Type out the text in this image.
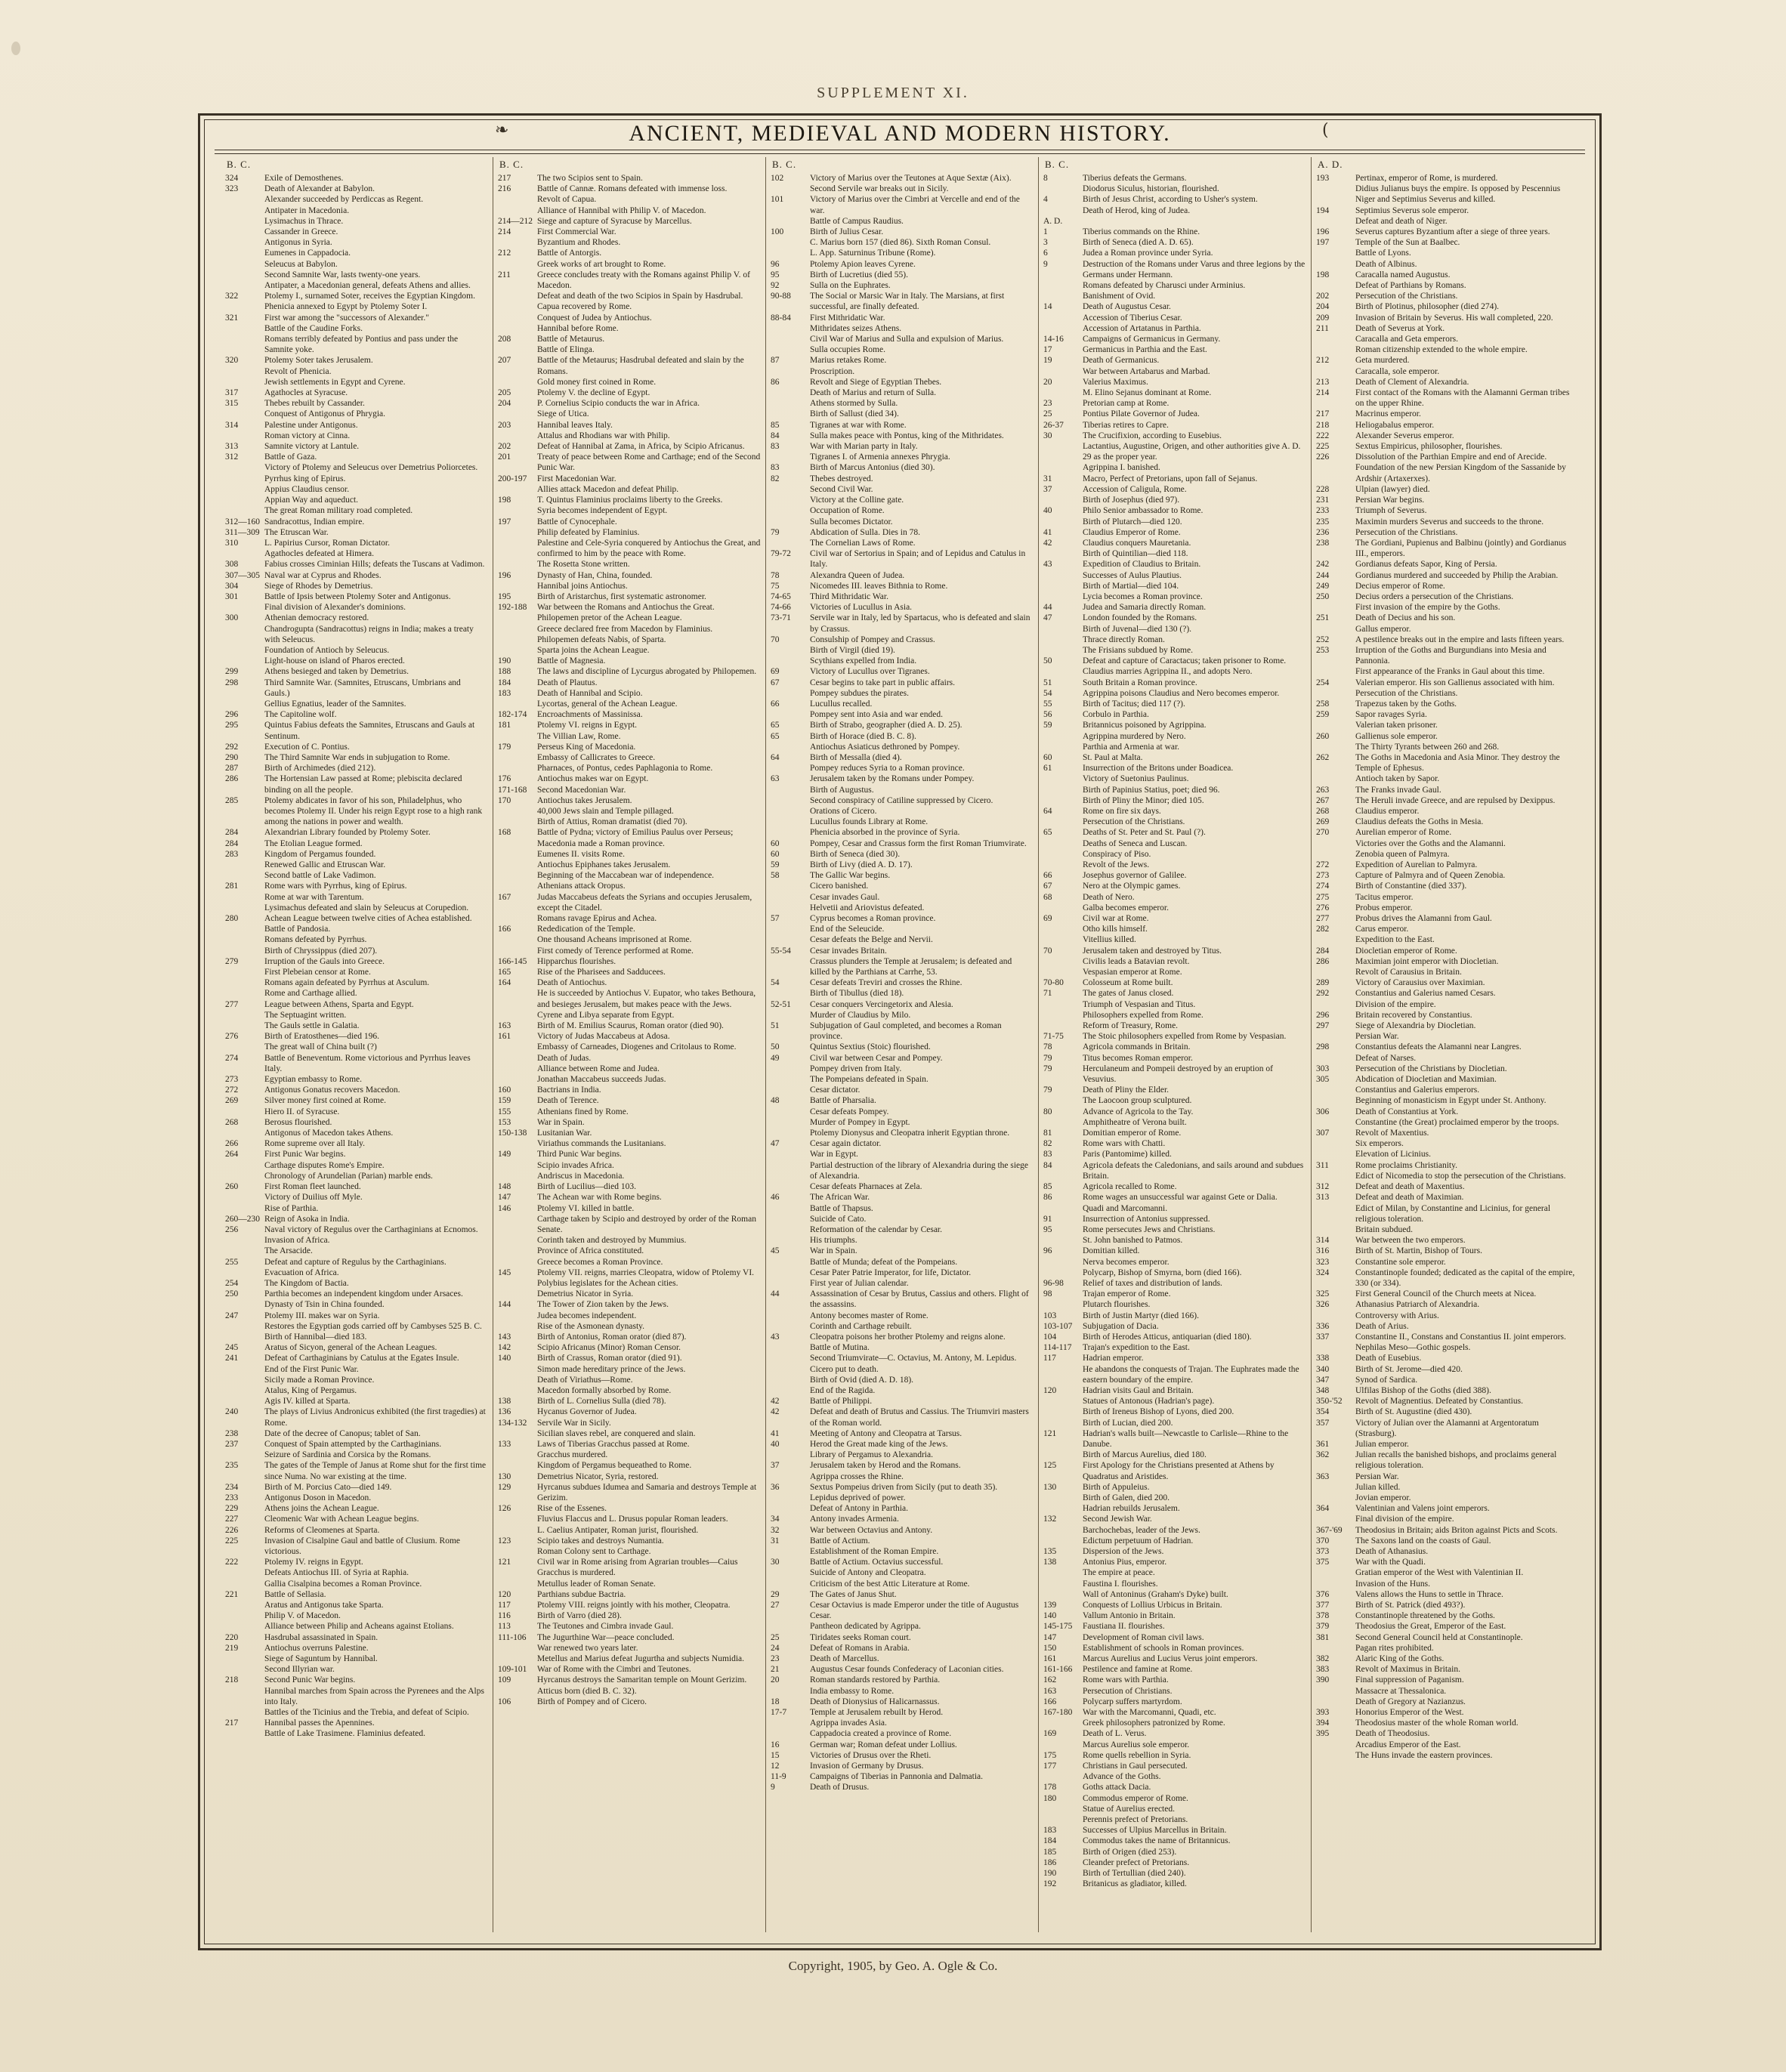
SUPPLEMENT XI.
❧	ANCIENT, MEDIEVAL AND MODERN HISTORY.	(
B. C.
324	Exile of Demosthenes.
323	Death of Alexander at Babylon.
Alexander succeeded by Perdiccas as Regent.
Antipater in Macedonia.
Lysimachus in Thrace.
Cassander in Greece.
Antigonus in Syria.
Eumenes in Cappadocia.
Seleucus at Babylon.
Second Samnite War, lasts twenty-one years.
Antipater, a Macedonian general, defeats Athens and allies.
322	Ptolemy I., surnamed Soter, receives the Egyptian Kingdom.
Phenicia annexed to Egypt by Ptolemy Soter I.
321	First war among the "successors of Alexander."
Battle of the Caudine Forks.
Romans terribly defeated by Pontius and pass under the Samnite yoke.
320	Ptolemy Soter takes Jerusalem.
Revolt of Phenicia.
Jewish settlements in Egypt and Cyrene.
317	Agathocles at Syracuse.
315	Thebes rebuilt by Cassander.
Conquest of Antigonus of Phrygia.
314	Palestine under Antigonus.
Roman victory at Cinna.
313	Samnite victory at Lantule.
312	Battle of Gaza.
Victory of Ptolemy and Seleucus over Demetrius Poliorcetes.
Pyrrhus king of Epirus.
Appius Claudius censor.
Appian Way and aqueduct.
The great Roman military road completed.
312—160 Sandracottus, Indian empire.
311—309 The Etruscan War.
310	L. Papirius Cursor, Roman Dictator.
Agathocles defeated at Himera.
308	Fabius crosses Ciminian Hills; defeats the Tuscans at Vadimon.
307—305 Naval war at Cyprus and Rhodes.
304	Siege of Rhodes by Demetrius.
301	Battle of Ipsis between Ptolemy Soter and Antigonus.
Final division of Alexander's dominions.
300	Athenian democracy restored.
Chandrogupta (Sandracottus) reigns in India; makes a treaty with Seleucus.
Foundation of Antioch by Seleucus.
Light-house on island of Pharos erected.
299	Athens besieged and taken by Demetrius.
298	Third Samnite War. (Samnites, Etruscans, Umbrians and Gauls.)
Gellius Egnatius, leader of the Samnites.
296	The Capitoline wolf.
295	Quintus Fabius defeats the Samnites, Etruscans and Gauls at Sentinum.
292	Execution of C. Pontius.
290	The Third Samnite War ends in subjugation to Rome.
287	Birth of Archimedes (died 212).
286	The Hortensian Law passed at Rome; plebiscita declared binding on all the people.
285	Ptolemy abdicates in favor of his son, Philadelphus, who becomes Ptolemy II. Under his reign Egypt rose to a high rank among the nations in power and wealth.
284	Alexandrian Library founded by Ptolemy Soter.
284	The Etolian League formed.
283	Kingdom of Pergamus founded.
Renewed Gallic and Etruscan War.
Second battle of Lake Vadimon.
281	Rome wars with Pyrrhus, king of Epirus.
Rome at war with Tarentum.
Lysimachus defeated and slain by Seleucus at Corupedion.
280	Achean League between twelve cities of Achea established.
Battle of Pandosia.
Romans defeated by Pyrrhus.
Birth of Chryssippus (died 207).
279	Irruption of the Gauls into Greece.
First Plebeian censor at Rome.
Romans again defeated by Pyrrhus at Asculum.
Rome and Carthage allied.
277	League between Athens, Sparta and Egypt.
The Septuagint written.
The Gauls settle in Galatia.
276	Birth of Eratosthenes—died 196.
The great wall of China built (?)
274	Battle of Beneventum. Rome victorious and Pyrrhus leaves Italy.
273	Egyptian embassy to Rome.
272	Antigonus Gonatus recovers Macedon.
269	Silver money first coined at Rome.
Hiero II. of Syracuse.
268	Berosus flourished.
Antigonus of Macedon takes Athens.
266	Rome supreme over all Italy.
264	First Punic War begins.
Carthage disputes Rome's Empire.
Chronology of Arundelian (Parian) marble ends.
260	First Roman fleet launched.
Victory of Duilius off Myle.
Rise of Parthia.
260—230 Reign of Asoka in India.
256	Naval victory of Regulus over the Carthaginians at Ecnomos.
Invasion of Africa.
The Arsacide.
255	Defeat and capture of Regulus by the Carthaginians.
Evacuation of Africa.
254	The Kingdom of Bactia.
250	Parthia becomes an independent kingdom under Arsaces.
Dynasty of Tsin in China founded.
247	Ptolemy III. makes war on Syria.
Restores the Egyptian gods carried off by Cambyses 525 B. C.
Birth of Hannibal—died 183.
245	Aratus of Sicyon, general of the Achean Leagues.
241	Defeat of Carthaginians by Catulus at the Egates Insule.
End of the First Punic War.
Sicily made a Roman Province.
Atalus, King of Pergamus.
Agis IV. killed at Sparta.
240	The plays of Livius Andronicus exhibited (the first tragedies) at Rome.
238	Date of the decree of Canopus; tablet of San.
237	Conquest of Spain attempted by the Carthaginians.
Seizure of Sardinia and Corsica by the Romans.
235	The gates of the Temple of Janus at Rome shut for the first time since Numa. No war existing at the time.
234	Birth of M. Porcius Cato—died 149.
233	Antigonus Doson in Macedon.
229	Athens joins the Achean League.
227	Cleomenic War with Achean League begins.
226	Reforms of Cleomenes at Sparta.
225	Invasion of Cisalpine Gaul and battle of Clusium. Rome victorious.
222	Ptolemy IV. reigns in Egypt.
Defeats Antiochus III. of Syria at Raphia.
Gallia Cisalpina becomes a Roman Province.
221	Battle of Sellasia.
Aratus and Antigonus take Sparta.
Philip V. of Macedon.
Alliance between Philip and Acheans against Etolians.
220	Hasdrubal assassinated in Spain.
219	Antiochus overruns Palestine.
Siege of Saguntum by Hannibal.
Second Illyrian war.
218	Second Punic War begins.
Hannibal marches from Spain across the Pyrenees and the Alps into Italy.
Battles of the Ticinius and the Trebia, and defeat of Scipio.
217	Hannibal passes the Apennines.
Battle of Lake Trasimene. Flaminius defeated.
B. C.
217	The two Scipios sent to Spain.
216	Battle of Cannæ. Romans defeated with immense loss.
Revolt of Capua.
Alliance of Hannibal with Philip V. of Macedon.
214—212 Siege and capture of Syracuse by Marcellus.
214	First Commercial War.
Byzantium and Rhodes.
212	Battle of Antorgis.
Greek works of art brought to Rome.
211	Greece concludes treaty with the Romans against Philip V. of Macedon.
Defeat and death of the two Scipios in Spain by Hasdrubal.
Capua recovered by Rome.
Conquest of Judea by Antiochus.
Hannibal before Rome.
208	Battle of Metaurus.
Battle of Elinga.
207	Battle of the Metaurus; Hasdrubal defeated and slain by the Romans.
Gold money first coined in Rome.
205	Ptolemy V. the decline of Egypt.
204	P. Cornelius Scipio conducts the war in Africa.
Siege of Utica.
203	Hannibal leaves Italy.
Attalus and Rhodians war with Philip.
202	Defeat of Hannibal at Zama, in Africa, by Scipio Africanus.
201	Treaty of peace between Rome and Carthage; end of the Second Punic War.
200-197	First Macedonian War.
Allies attack Macedon and defeat Philip.
198	T. Quintus Flaminius proclaims liberty to the Greeks.
Syria becomes independent of Egypt.
197	Battle of Cynocephale.
Philip defeated by Flaminius.
Palestine and Cele-Syria conquered by Antiochus the Great, and confirmed to him by the peace with Rome.
The Rosetta Stone written.
196	Dynasty of Han, China, founded.
Hannibal joins Antiochus.
195	Birth of Aristarchus, first systematic astronomer.
192-188	War between the Romans and Antiochus the Great.
Philopemen pretor of the Achean League.
Greece declared free from Macedon by Flaminius.
Philopemen defeats Nabis, of Sparta.
Sparta joins the Achean League.
190	Battle of Magnesia.
188	The laws and discipline of Lycurgus abrogated by Philopemen.
184	Death of Plautus.
183	Death of Hannibal and Scipio.
Lycortas, general of the Achean League.
182-174	Encroachments of Massinissa.
181	Ptolemy VI. reigns in Egypt.
The Villian Law, Rome.
179	Perseus King of Macedonia.
Embassy of Callicrates to Greece.
Pharnaces, of Pontus, cedes Paphlagonia to Rome.
176	Antiochus makes war on Egypt.
171-168	Second Macedonian War.
170	Antiochus takes Jerusalem.
40,000 Jews slain and Temple pillaged.
Birth of Attius, Roman dramatist (died 70).
168	Battle of Pydna; victory of Emilius Paulus over Perseus; Macedonia made a Roman province.
Eumenes II. visits Rome.
Antiochus Epiphanes takes Jerusalem.
Beginning of the Maccabean war of independence.
Athenians attack Oropus.
167	Judas Maccabeus defeats the Syrians and occupies Jerusalem, except the Citadel.
Romans ravage Epirus and Achea.
166	Rededication of the Temple.
One thousand Acheans imprisoned at Rome.
First comedy of Terence performed at Rome.
166-145	Hipparchus flourishes.
165	Rise of the Pharisees and Sadducees.
164	Death of Antiochus.
He is succeeded by Antiochus V. Eupator, who takes Bethoura, and besieges Jerusalem, but makes peace with the Jews.
Cyrene and Libya separate from Egypt.
163	Birth of M. Emilius Scaurus, Roman orator (died 90).
161	Victory of Judas Maccabeus at Adosa.
Embassy of Carneades, Diogenes and Critolaus to Rome.
Death of Judas.
Alliance between Rome and Judea.
Jonathan Maccabeus succeeds Judas.
160	Bactrians in India.
159	Death of Terence.
155	Athenians fined by Rome.
153	War in Spain.
150-138	Lusitanian War.
Viriathus commands the Lusitanians.
149	Third Punic War begins.
Scipio invades Africa.
Andriscus in Macedonia.
148	Birth of Lucilius—died 103.
147	The Achean war with Rome begins.
146	Ptolemy VI. killed in battle.
Carthage taken by Scipio and destroyed by order of the Roman Senate.
Corinth taken and destroyed by Mummius.
Province of Africa constituted.
Greece becomes a Roman Province.
145	Ptolemy VII. reigns, marries Cleopatra, widow of Ptolemy VI.
Polybius legislates for the Achean cities.
Demetrius Nicator in Syria.
144	The Tower of Zion taken by the Jews.
Judea becomes independent.
Rise of the Asmonean dynasty.
143	Birth of Antonius, Roman orator (died 87).
142	Scipio Africanus (Minor) Roman Censor.
140	Birth of Crassus, Roman orator (died 91).
Simon made hereditary prince of the Jews.
Death of Viriathus—Rome.
Macedon formally absorbed by Rome.
138	Birth of L. Cornelius Sulla (died 78).
136	Hycanus Governor of Judea.
134-132	Servile War in Sicily.
Sicilian slaves rebel, are conquered and slain.
133	Laws of Tiberias Gracchus passed at Rome.
Gracchus murdered.
Kingdom of Pergamus bequeathed to Rome.
130	Demetrius Nicator, Syria, restored.
129	Hyrcanus subdues Idumea and Samaria and destroys Temple at Gerizim.
126	Rise of the Essenes.
Fluvius Flaccus and L. Drusus popular Roman leaders.
L. Caelius Antipater, Roman jurist, flourished.
123	Scipio takes and destroys Numantia.
Roman Colony sent to Carthage.
121	Civil war in Rome arising from Agrarian troubles—Caius Gracchus is murdered.
Metullus leader of Roman Senate.
120	Parthians subdue Bactria.
117	Ptolemy VIII. reigns jointly with his mother, Cleopatra.
116	Birth of Varro (died 28).
113	The Teutones and Cimbra invade Gaul.
111-106	The Jugurthine War—peace concluded.
War renewed two years later.
Metellus and Marius defeat Jugurtha and subjects Numidia.
109-101	War of Rome with the Cimbri and Teutones.
109	Hyrcanus destroys the Samaritan temple on Mount Gerizim.
Atticus born (died B. C. 32).
106	Birth of Pompey and of Cicero.
B. C.
102	Victory of Marius over the Teutones at Aque Sextæ (Aix).
Second Servile war breaks out in Sicily.
101	Victory of Marius over the Cimbri at Vercelle and end of the war.
Battle of Campus Raudius.
100	Birth of Julius Cesar.
C. Marius born 157 (died 86). Sixth Roman Consul.
L. App. Saturninus Tribune (Rome).
96	Ptolemy Apion leaves Cyrene.
95	Birth of Lucretius (died 55).
92	Sulla on the Euphrates.
90-88	The Social or Marsic War in Italy. The Marsians, at first successful, are finally defeated.
88-84	First Mithridatic War.
Mithridates seizes Athens.
Civil War of Marius and Sulla and expulsion of Marius.
Sulla occupies Rome.
87	Marius retakes Rome.
Proscription.
86	Revolt and Siege of Egyptian Thebes.
Death of Marius and return of Sulla.
Athens stormed by Sulla.
Birth of Sallust (died 34).
85	Tigranes at war with Rome.
84	Sulla makes peace with Pontus, king of the Mithridates.
83	War with Marian party in Italy.
Tigranes I. of Armenia annexes Phrygia.
83	Birth of Marcus Antonius (died 30).
82	Thebes destroyed.
Second Civil War.
Victory at the Colline gate.
Occupation of Rome.
Sulla becomes Dictator.
79	Abdication of Sulla. Dies in 78.
The Cornelian Laws of Rome.
79-72	Civil war of Sertorius in Spain; and of Lepidus and Catulus in Italy.
78	Alexandra Queen of Judea.
75	Nicomedes III. leaves Bithnia to Rome.
74-65	Third Mithridatic War.
74-66	Victories of Lucullus in Asia.
73-71	Servile war in Italy, led by Spartacus, who is defeated and slain by Crassus.
70	Consulship of Pompey and Crassus.
Birth of Virgil (died 19).
Scythians expelled from India.
69	Victory of Lucullus over Tigranes.
67	Cesar begins to take part in public affairs.
Pompey subdues the pirates.
66	Lucullus recalled.
Pompey sent into Asia and war ended.
65	Birth of Strabo, geographer (died A. D. 25).
65	Birth of Horace (died B. C. 8).
Antiochus Asiaticus dethroned by Pompey.
64	Birth of Messalla (died 4).
Pompey reduces Syria to a Roman province.
63	Jerusalem taken by the Romans under Pompey.
Birth of Augustus.
Second conspiracy of Catiline suppressed by Cicero.
Orations of Cicero.
Lucullus founds Library at Rome.
Phenicia absorbed in the province of Syria.
60	Pompey, Cesar and Crassus form the first Roman Triumvirate.
60	Birth of Seneca (died 30).
59	Birth of Livy (died A. D. 17).
58	The Gallic War begins.
Cicero banished.
Cesar invades Gaul.
Helvetii and Ariovistus defeated.
57	Cyprus becomes a Roman province.
End of the Seleucide.
Cesar defeats the Belge and Nervii.
55-54	Cesar invades Britain.
Crassus plunders the Temple at Jerusalem; is defeated and killed by the Parthians at Carrhe, 53.
54	Cesar defeats Treviri and crosses the Rhine.
Birth of Tibullus (died 18).
52-51	Cesar conquers Vercingetorix and Alesia.
Murder of Claudius by Milo.
51	Subjugation of Gaul completed, and becomes a Roman province.
50	Quintus Sextius (Stoic) flourished.
49	Civil war between Cesar and Pompey.
Pompey driven from Italy.
The Pompeians defeated in Spain.
Cesar dictator.
48	Battle of Pharsalia.
Cesar defeats Pompey.
Murder of Pompey in Egypt.
Ptolemy Dionysus and Cleopatra inherit Egyptian throne.
47	Cesar again dictator.
War in Egypt.
Partial destruction of the library of Alexandria during the siege of Alexandria.
Cesar defeats Pharnaces at Zela.
46	The African War.
Battle of Thapsus.
Suicide of Cato.
Reformation of the calendar by Cesar.
His triumphs.
45	War in Spain.
Battle of Munda; defeat of the Pompeians.
Cesar Pater Patrie Imperator, for life, Dictator.
First year of Julian calendar.
44	Assassination of Cesar by Brutus, Cassius and others. Flight of the assassins.
Antony becomes master of Rome.
Corinth and Carthage rebuilt.
43	Cleopatra poisons her brother Ptolemy and reigns alone.
Battle of Mutina.
Second Triumvirate—C. Octavius, M. Antony, M. Lepidus.
Cicero put to death.
Birth of Ovid (died A. D. 18).
End of the Ragida.
42	Battle of Philippi.
42	Defeat and death of Brutus and Cassius. The Triumviri masters of the Roman world.
41	Meeting of Antony and Cleopatra at Tarsus.
40	Herod the Great made king of the Jews.
Library of Pergamus to Alexandria.
37	Jerusalem taken by Herod and the Romans.
Agrippa crosses the Rhine.
36	Sextus Pompeius driven from Sicily (put to death 35).
Lepidus deprived of power.
Defeat of Antony in Parthia.
34	Antony invades Armenia.
32	War between Octavius and Antony.
31	Battle of Actium.
Establishment of the Roman Empire.
30	Battle of Actium. Octavius successful.
Suicide of Antony and Cleopatra.
Criticism of the best Attic Literature at Rome.
29	The Gates of Janus Shut.
27	Cesar Octavius is made Emperor under the title of Augustus Cesar.
Pantheon dedicated by Agrippa.
25	Tiridates seeks Roman court.
24	Defeat of Romans in Arabia.
23	Death of Marcellus.
21	Augustus Cesar founds Confederacy of Laconian cities.
20	Roman standards restored by Parthia.
India embassy to Rome.
18	Death of Dionysius of Halicarnassus.
17-7	Temple at Jerusalem rebuilt by Herod.
Agrippa invades Asia.
Cappadocia created a province of Rome.
16	German war; Roman defeat under Lollius.
15	Victories of Drusus over the Rheti.
12	Invasion of Germany by Drusus.
11-9	Campaigns of Tiberias in Pannonia and Dalmatia.
9	Death of Drusus.
B. C.
8	Tiberius defeats the Germans.
Diodorus Siculus, historian, flourished.
4	Birth of Jesus Christ, according to Usher's system.
Death of Herod, king of Judea.
A. D.
1	Tiberius commands on the Rhine.
3	Birth of Seneca (died A. D. 65).
6	Judea a Roman province under Syria.
9	Destruction of the Romans under Varus and three legions by the Germans under Hermann.
Romans defeated by Charusci under Arminius.
Banishment of Ovid.
14	Death of Augustus Cesar.
Accession of Tiberius Cesar.
Accession of Artatanus in Parthia.
14-16	Campaigns of Germanicus in Germany.
17	Germanicus in Parthia and the East.
19	Death of Germanicus.
War between Artabarus and Marbad.
20	Valerius Maximus.
M. Elino Sejanus dominant at Rome.
23	Pretorian camp at Rome.
25	Pontius Pilate Governor of Judea.
26-37	Tiberias retires to Capre.
30	The Crucifixion, according to Eusebius.
Lactantius, Augustine, Origen, and other authorities give A. D. 29 as the proper year.
Agrippina I. banished.
31	Macro, Perfect of Pretorians, upon fall of Sejanus.
37	Accession of Caligula, Rome.
Birth of Josephus (died 97).
40	Philo Senior ambassador to Rome.
Birth of Plutarch—died 120.
41	Claudius Emperor of Rome.
42	Claudius conquers Mauretania.
Birth of Quintilian—died 118.
43	Expedition of Claudius to Britain.
Successes of Aulus Plautius.
Birth of Martial—died 104.
Lycia becomes a Roman province.
44	Judea and Samaria directly Roman.
47	London founded by the Romans.
Birth of Juvenal—died 130 (?).
Thrace directly Roman.
The Frisians subdued by Rome.
50	Defeat and capture of Caractacus; taken prisoner to Rome.
Claudius marries Agrippina II., and adopts Nero.
51	South Britain a Roman province.
54	Agrippina poisons Claudius and Nero becomes emperor.
55	Birth of Tacitus; died 117 (?).
56	Corbulo in Parthia.
59	Britannicus poisoned by Agrippina.
Agrippina murdered by Nero.
Parthia and Armenia at war.
60	St. Paul at Malta.
61	Insurrection of the Britons under Boadicea.
Victory of Suetonius Paulinus.
Birth of Papinius Statius, poet; died 96.
Birth of Pliny the Minor; died 105.
64	Rome on fire six days.
Persecution of the Christians.
65	Deaths of St. Peter and St. Paul (?).
Deaths of Seneca and Luscan.
Conspiracy of Piso.
Revolt of the Jews.
66	Josephus governor of Galilee.
67	Nero at the Olympic games.
68	Death of Nero.
Galba becomes emperor.
69	Civil war at Rome.
Otho kills himself.
Vitellius killed.
70	Jerusalem taken and destroyed by Titus.
Civilis leads a Batavian revolt.
Vespasian emperor at Rome.
70-80	Colosseum at Rome built.
71	The gates of Janus closed.
Triumph of Vespasian and Titus.
Philosophers expelled from Rome.
Reform of Treasury, Rome.
71-75	The Stoic philosophers expelled from Rome by Vespasian.
78	Agricola commands in Britain.
79	Titus becomes Roman emperor.
79	Herculaneum and Pompeii destroyed by an eruption of Vesuvius.
79	Death of Pliny the Elder.
The Laocoon group sculptured.
80	Advance of Agricola to the Tay.
Amphitheatre of Verona built.
81	Domitian emperor of Rome.
82	Rome wars with Chatti.
83	Paris (Pantomime) killed.
84	Agricola defeats the Caledonians, and sails around and subdues Britain.
85	Agricola recalled to Rome.
86	Rome wages an unsuccessful war against Gete or Dalia.
Quadi and Marcomanni.
91	Insurrection of Antonius suppressed.
95	Rome persecutes Jews and Christians.
St. John banished to Patmos.
96	Domitian killed.
Nerva becomes emperor.
Polycarp, Bishop of Smyrna, born (died 166).
96-98	Relief of taxes and distribution of lands.
98	Trajan emperor of Rome.
Plutarch flourishes.
103	Birth of Justin Martyr (died 166).
103-107	Subjugation of Dacia.
104	Birth of Herodes Atticus, antiquarian (died 180).
114-117	Trajan's expedition to the East.
117	Hadrian emperor.
He abandons the conquests of Trajan. The Euphrates made the eastern boundary of the empire.
120	Hadrian visits Gaul and Britain.
Statues of Antonous (Hadrian's page).
Birth of Ireneus Bishop of Lyons, died 200.
Birth of Lucian, died 200.
121	Hadrian's walls built—Newcastle to Carlisle—Rhine to the Danube.
Birth of Marcus Aurelius, died 180.
125	First Apology for the Christians presented at Athens by Quadratus and Aristides.
130	Birth of Appuleius.
Birth of Galen, died 200.
Hadrian rebuilds Jerusalem.
132	Second Jewish War.
Barchochebas, leader of the Jews.
Edictum perpetuum of Hadrian.
135	Dispersion of the Jews.
138	Antonius Pius, emperor.
The empire at peace.
Faustina I. flourishes.
Wall of Antoninus (Graham's Dyke) built.
139	Conquests of Lollius Urbicus in Britain.
140	Vallum Antonio in Britain.
145-175	Faustiana II. flourishes.
147	Development of Roman civil laws.
150	Establishment of schools in Roman provinces.
161	Marcus Aurelius and Lucius Verus joint emperors.
161-166	Pestilence and famine at Rome.
162	Rome wars with Parthia.
163	Persecution of Christians.
166	Polycarp suffers martyrdom.
167-180	War with the Marcomanni, Quadi, etc.
Greek philosophers patronized by Rome.
169	Death of L. Verus.
Marcus Aurelius sole emperor.
175	Rome quells rebellion in Syria.
177	Christians in Gaul persecuted.
Advance of the Goths.
178	Goths attack Dacia.
180	Commodus emperor of Rome.
Statue of Aurelius erected.
Perennis prefect of Pretorians.
183	Successes of Ulpius Marcellus in Britain.
184	Commodus takes the name of Britannicus.
185	Birth of Origen (died 253).
186	Cleander prefect of Pretorians.
190	Birth of Tertullian (died 240).
192	Britanicus as gladiator, killed.
A. D.
193	Pertinax, emperor of Rome, is murdered.
Didius Julianus buys the empire. Is opposed by Pescennius Niger and Septimius Severus and killed.
194	Septimius Severus sole emperor.
Defeat and death of Niger.
196	Severus captures Byzantium after a siege of three years.
197	Temple of the Sun at Baalbec.
Battle of Lyons.
Death of Albinus.
198	Caracalla named Augustus.
Defeat of Parthians by Romans.
202	Persecution of the Christians.
204	Birth of Plotinus, philosopher (died 274).
209	Invasion of Britain by Severus. His wall completed, 220.
211	Death of Severus at York.
Caracalla and Geta emperors.
Roman citizenship extended to the whole empire.
212	Geta murdered.
Caracalla, sole emperor.
213	Death of Clement of Alexandria.
214	First contact of the Romans with the Alamanni German tribes on the upper Rhine.
217	Macrinus emperor.
218	Heliogabalus emperor.
222	Alexander Severus emperor.
225	Sextus Empiricus, philosopher, flourishes.
226	Dissolution of the Parthian Empire and end of Arecide.
Foundation of the new Persian Kingdom of the Sassanide by Ardshir (Artaxerxes).
228	Ulpian (lawyer) died.
231	Persian War begins.
233	Triumph of Severus.
235	Maximin murders Severus and succeeds to the throne.
236	Persecution of the Christians.
238	The Gordiani, Pupienus and Balbinu (jointly) and Gordianus III., emperors.
242	Gordianus defeats Sapor, King of Persia.
244	Gordianus murdered and succeeded by Philip the Arabian.
249	Decius emperor of Rome.
250	Decius orders a persecution of the Christians.
First invasion of the empire by the Goths.
251	Death of Decius and his son.
Gallus emperor.
252	A pestilence breaks out in the empire and lasts fifteen years.
253	Irruption of the Goths and Burgundians into Mesia and Pannonia.
First appearance of the Franks in Gaul about this time.
254	Valerian emperor. His son Gallienus associated with him.
Persecution of the Christians.
258	Trapezus taken by the Goths.
259	Sapor ravages Syria.
Valerian taken prisoner.
260	Gallienus sole emperor.
The Thirty Tyrants between 260 and 268.
262	The Goths in Macedonia and Asia Minor. They destroy the Temple of Ephesus.
Antioch taken by Sapor.
263	The Franks invade Gaul.
267	The Heruli invade Greece, and are repulsed by Dexippus.
268	Claudius emperor.
269	Claudius defeats the Goths in Mesia.
270	Aurelian emperor of Rome.
Victories over the Goths and the Alamanni.
Zenobia queen of Palmyra.
272	Expedition of Aurelian to Palmyra.
273	Capture of Palmyra and of Queen Zenobia.
274	Birth of Constantine (died 337).
275	Tacitus emperor.
276	Probus emperor.
277	Probus drives the Alamanni from Gaul.
282	Carus emperor.
Expedition to the East.
284	Diocletian emperor of Rome.
286	Maximian joint emperor with Diocletian.
Revolt of Carausius in Britain.
289	Victory of Carausius over Maximian.
292	Constantius and Galerius named Cesars.
Division of the empire.
296	Britain recovered by Constantius.
297	Siege of Alexandria by Diocletian.
Persian War.
298	Constantius defeats the Alamanni near Langres.
Defeat of Narses.
303	Persecution of the Christians by Diocletian.
305	Abdication of Diocletian and Maximian.
Constantius and Galerius emperors.
Beginning of monasticism in Egypt under St. Anthony.
306	Death of Constantius at York.
Constantine (the Great) proclaimed emperor by the troops.
307	Revolt of Maxentius.
Six emperors.
Elevation of Licinius.
311	Rome proclaims Christianity.
Edict of Nicomedia to stop the persecution of the Christians.
312	Defeat and death of Maxentius.
313	Defeat and death of Maximian.
Edict of Milan, by Constantine and Licinius, for general religious toleration.
Britain subdued.
314	War between the two emperors.
316	Birth of St. Martin, Bishop of Tours.
323	Constantine sole emperor.
324	Constantinople founded; dedicated as the capital of the empire, 330 (or 334).
325	First General Council of the Church meets at Nicea.
326	Athanasius Patriarch of Alexandria.
Controversy with Arius.
336	Death of Arius.
337	Constantine II., Constans and Constantius II. joint emperors.
Nephilas Meso—Gothic gospels.
338	Death of Eusebius.
340	Birth of St. Jerome—died 420.
347	Synod of Sardica.
348	Ulfilas Bishop of the Goths (died 388).
350-'52	Revolt of Magnentius. Defeated by Constantius.
354	Birth of St. Augustine (died 430).
357	Victory of Julian over the Alamanni at Argentoratum (Strasburg).
361	Julian emperor.
362	Julian recalls the banished bishops, and proclaims general religious toleration.
363	Persian War.
Julian killed.
Jovian emperor.
364	Valentinian and Valens joint emperors.
Final division of the empire.
367-'69	Theodosius in Britain; aids Briton against Picts and Scots.
370	The Saxons land on the coasts of Gaul.
373	Death of Athanasius.
375	War with the Quadi.
Gratian emperor of the West with Valentinian II.
Invasion of the Huns.
376	Valens allows the Huns to settle in Thrace.
377	Birth of St. Patrick (died 493?).
378	Constantinople threatened by the Goths.
379	Theodosius the Great, Emperor of the East.
381	Second General Council held at Constantinople.
Pagan rites prohibited.
382	Alaric King of the Goths.
383	Revolt of Maximus in Britain.
390	Final suppression of Paganism.
Massacre at Thessalonica.
Death of Gregory at Nazianzus.
393	Honorius Emperor of the West.
394	Theodosius master of the whole Roman world.
395	Death of Theodosius.
Arcadius Emperor of the East.
The Huns invade the eastern provinces.
Copyright, 1905, by Geo. A. Ogle & Co.
